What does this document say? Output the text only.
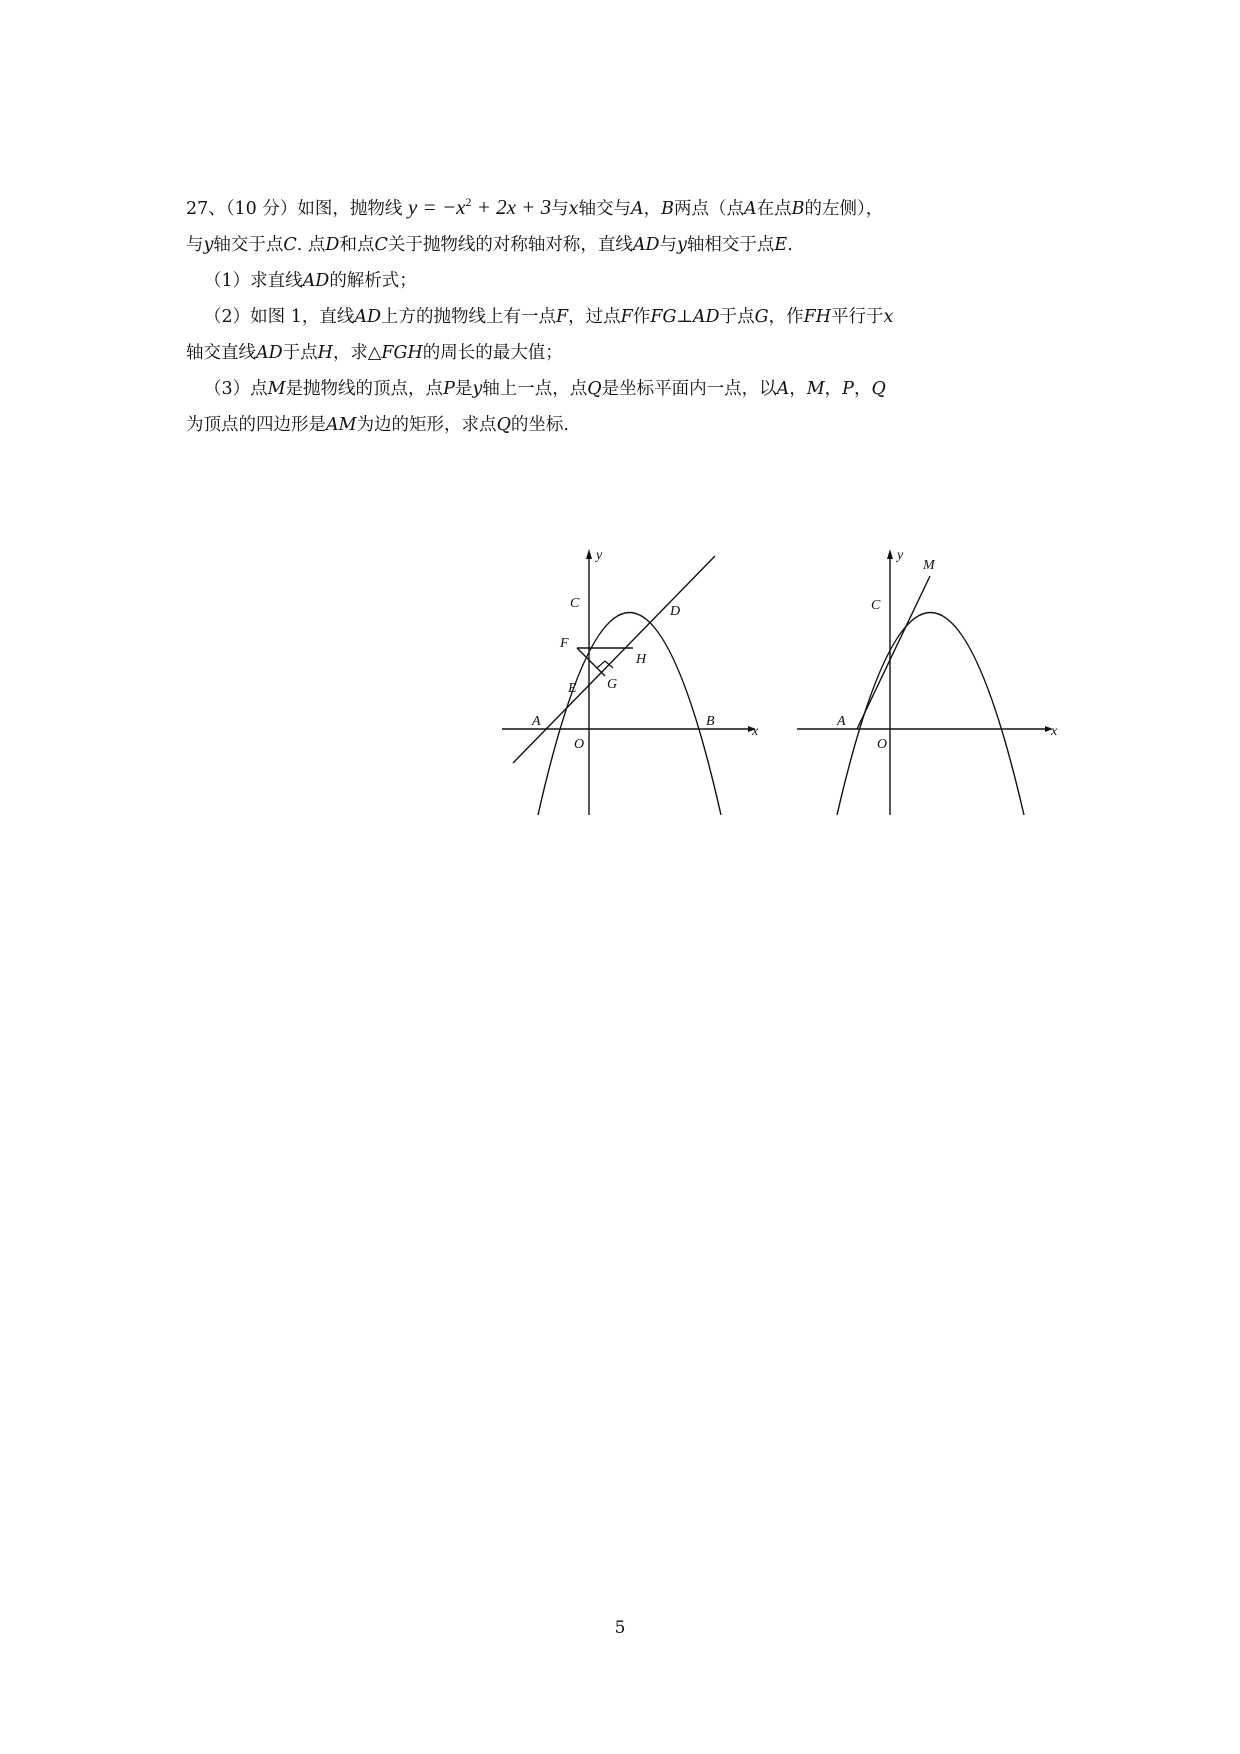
27、（10 分）如图，抛物线 $y = -x^2 + 2x + 3$与x轴交与A，B两点（点A在点B的左侧），
与y轴交于点C. 点D和点C关于抛物线的对称轴对称，直线AD与y轴相交于点E.
（1）求直线AD的解析式；
（2）如图 1，直线AD上方的抛物线上有一点F，过点F作FG⊥AD于点G，作FH平行于x
轴交直线AD于点H，求△FGH的周长的最大值；
（3）点M是抛物线的顶点，点P是y轴上一点，点Q是坐标平面内一点，以A，M，P，Q
为顶点的四边形是AM为边的矩形，求点Q的坐标.
y
x
C
D
F
H
E G
A
O
B
y
M
C
A
O
x
5
